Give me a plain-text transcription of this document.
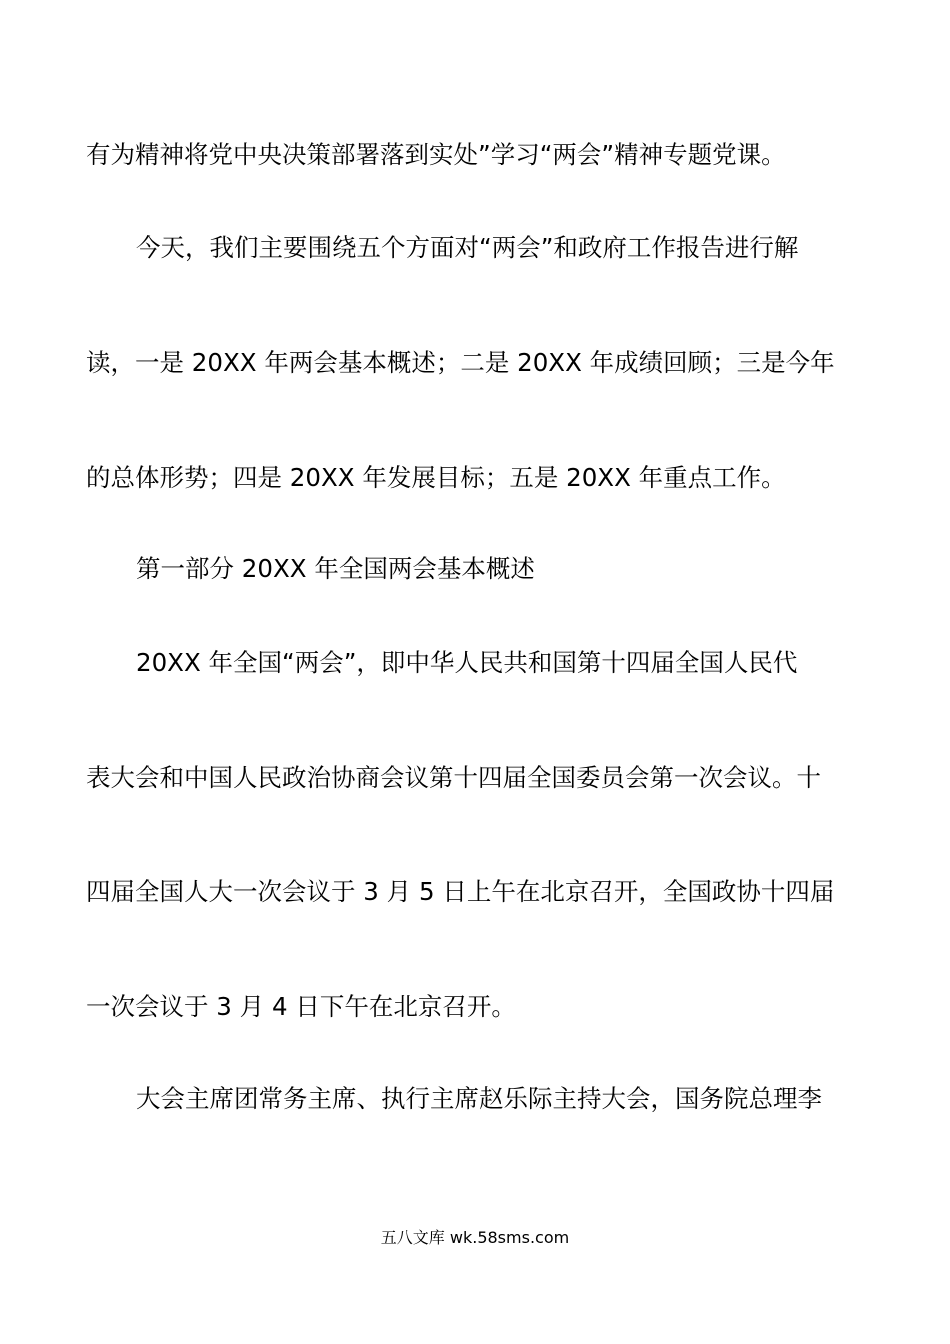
有为精神将党中央决策部署落到实处”学习“两会”精神专题党课。
今天，我们主要围绕五个方面对“两会”和政府工作报告进行解
读，一是 20XX 年两会基本概述；二是 20XX 年成绩回顾；三是今年
的总体形势；四是 20XX 年发展目标；五是 20XX 年重点工作。
第一部分 20XX 年全国两会基本概述
20XX 年全国“两会”，即中华人民共和国第十四届全国人民代
表大会和中国人民政治协商会议第十四届全国委员会第一次会议。十
四届全国人大一次会议于 3 月 5 日上午在北京召开，全国政协十四届
一次会议于 3 月 4 日下午在北京召开。
大会主席团常务主席、执行主席赵乐际主持大会，国务院总理李
五八文库 wk.58sms.com
